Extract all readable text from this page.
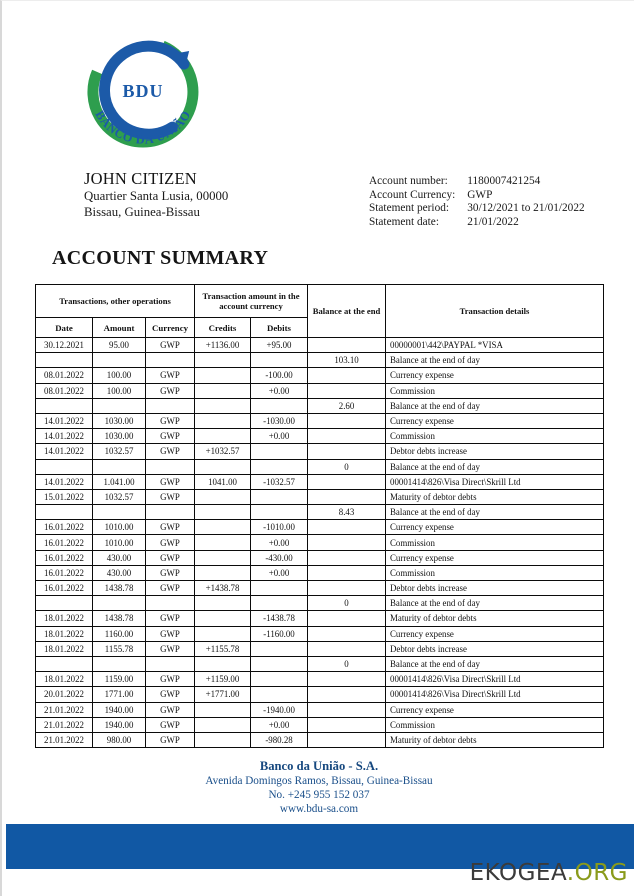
BDU
BANCO DA UNIÃO
JOHN CITIZEN
Quartier Santa Lusia, 00000
Bissau, Guinea-Bissau
Account number:	1180007421254
Account Currency:	GWP
Statement period:	30/12/2021 to 21/01/2022
Statement date:	21/01/2022
ACCOUNT SUMMARY
Transactions, other operations			Transaction amount in the account currency		Balance at the end	Transaction details
Date	Amount	Currency	Credits	Debits		
30.12.2021	95.00	GWP	+1136.00	+95.00		00000001\442\PAYPAL *VISA
					103.10	Balance at the end of day
08.01.2022	100.00	GWP		-100.00		Currency expense
08.01.2022	100.00	GWP		+0.00		Commission
					2.60	Balance at the end of day
14.01.2022	1030.00	GWP		-1030.00		Currency expense
14.01.2022	1030.00	GWP		+0.00		Commission
14.01.2022	1032.57	GWP	+1032.57			Debtor debts increase
					0	Balance at the end of day
14.01.2022	1.041.00	GWP	1041.00	-1032.57		00001414\826\Visa Direct\Skrill Ltd
15.01.2022	1032.57	GWP				Maturity of debtor debts
					8.43	Balance at the end of day
16.01.2022	1010.00	GWP		-1010.00		Currency expense
16.01.2022	1010.00	GWP		+0.00		Commission
16.01.2022	430.00	GWP		-430.00		Currency expense
16.01.2022	430.00	GWP		+0.00		Commission
16.01.2022	1438.78	GWP	+1438.78			Debtor debts increase
					0	Balance at the end of day
18.01.2022	1438.78	GWP		-1438.78		Maturity of debtor debts
18.01.2022	1160.00	GWP		-1160.00		Currency expense
18.01.2022	1155.78	GWP	+1155.78			Debtor debts increase
					0	Balance at the end of day
18.01.2022	1159.00	GWP	+1159.00			00001414\826\Visa Direct\Skrill Ltd
20.01.2022	1771.00	GWP	+1771.00			00001414\826\Visa Direct\Skrill Ltd
21.01.2022	1940.00	GWP		-1940.00		Currency expense
21.01.2022	1940.00	GWP		+0.00		Commission
21.01.2022	980.00	GWP		-980.28		Maturity of debtor debts
Banco da União - S.A.
Avenida Domingos Ramos, Bissau, Guinea-Bissau
No. +245 955 152 037
www.bdu-sa.com
EKOGEA.ORG
